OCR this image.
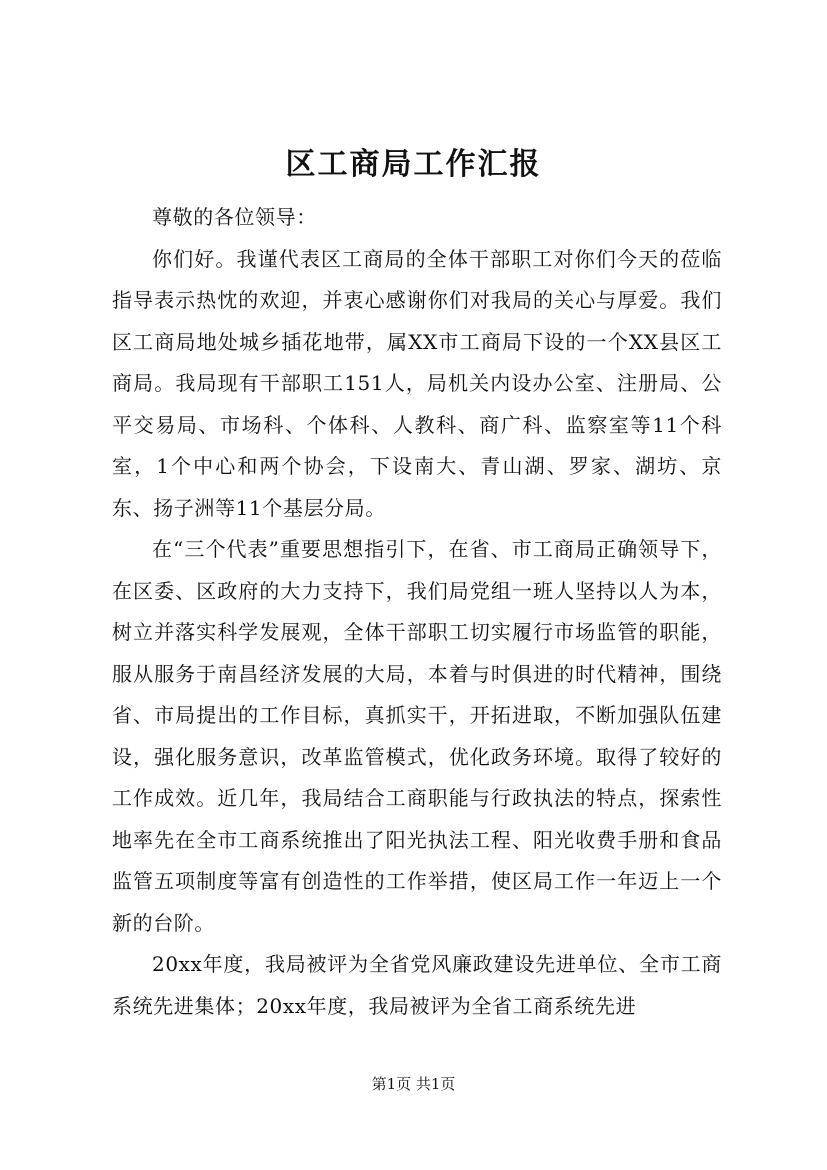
区工商局工作汇报

尊敬的各位领导：

你们好。我谨代表区工商局的全体干部职工对你们今天的莅临指导表示热忱的欢迎，并衷心感谢你们对我局的关心与厚爱。我们区工商局地处城乡插花地带，属XX市工商局下设的一个XX县区工商局。我局现有干部职工151人，局机关内设办公室、注册局、公平交易局、市场科、个体科、人教科、商广科、监察室等11个科室，1个中心和两个协会，下设南大、青山湖、罗家、湖坊、京东、扬子洲等11个基层分局。

在“三个代表”重要思想指引下，在省、市工商局正确领导下，在区委、区政府的大力支持下，我们局党组一班人坚持以人为本，树立并落实科学发展观，全体干部职工切实履行市场监管的职能，服从服务于南昌经济发展的大局，本着与时俱进的时代精神，围绕省、市局提出的工作目标，真抓实干，开拓进取，不断加强队伍建设，强化服务意识，改革监管模式，优化政务环境。取得了较好的工作成效。近几年，我局结合工商职能与行政执法的特点，探索性地率先在全市工商系统推出了阳光执法工程、阳光收费手册和食品监管五项制度等富有创造性的工作举措，使区局工作一年迈上一个新的台阶。

20xx年度，我局被评为全省党风廉政建设先进单位、全市工商系统先进集体；20xx年度，我局被评为全省工商系统先进

第1页 共1页
